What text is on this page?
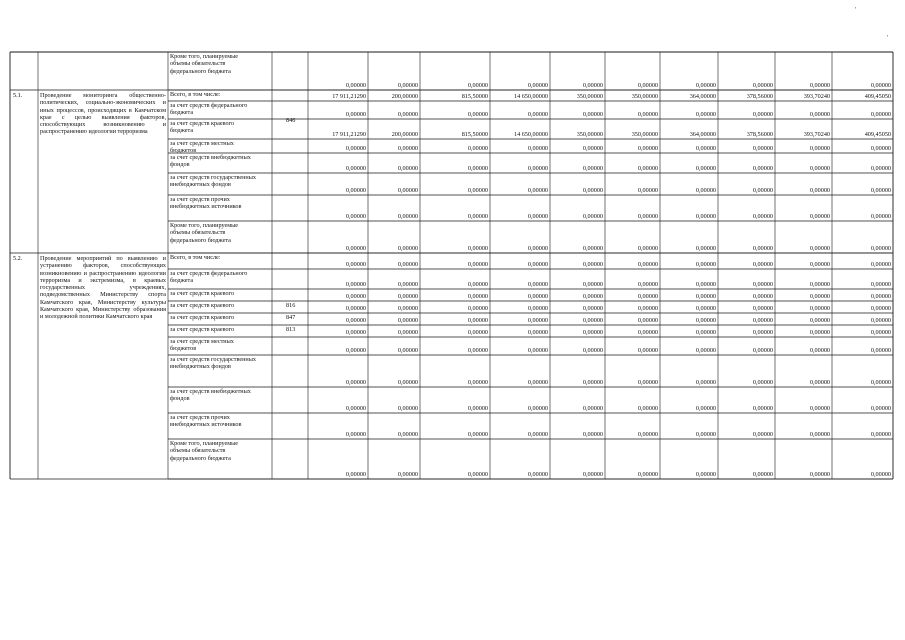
'
'
Кроме того, планируемые
объемы обязательств
федерального бюджета
0,00000	0,00000	0,00000	0,00000	0,00000	0,00000	0,00000	0,00000	0,00000	0,00000
5.1.	Проведение мониторинга общественно-политических, социально-экономических и иных процессов, происходящих в Камчатском крае с целью выявления факторов, способствующих возникновению и распространению идеологии терроризма
Всего, в том числе:	17 911,21290	200,00000	815,50000	14 650,00000	350,00000	350,00000	364,00000	378,56000	393,70240	409,45050
за счет средств федерального
бюджета	0,00000	0,00000	0,00000	0,00000	0,00000	0,00000	0,00000	0,00000	0,00000	0,00000
за счет средств краевого
бюджета
846
17 911,21290	200,00000	815,50000	14 650,00000	350,00000	350,00000	364,00000	378,56000	393,70240	409,45050
за счет средств местных
бюджетов	0,00000	0,00000	0,00000	0,00000	0,00000	0,00000	0,00000	0,00000	0,00000	0,00000
за счет средств внебюджетных
фондов	0,00000	0,00000	0,00000	0,00000	0,00000	0,00000	0,00000	0,00000	0,00000	0,00000
за счет средств государственных
внебюджетных фондов
0,00000	0,00000	0,00000	0,00000	0,00000	0,00000	0,00000	0,00000	0,00000	0,00000
за счет средств прочих
внебюджетных источников
0,00000	0,00000	0,00000	0,00000	0,00000	0,00000	0,00000	0,00000	0,00000	0,00000
Кроме того, планируемые
объемы обязательств
федерального бюджета
0,00000	0,00000	0,00000	0,00000	0,00000	0,00000	0,00000	0,00000	0,00000	0,00000
5.2.	Проведение мероприятий по выявлению и устранению факторов, способствующих возникновению и распространению идеологии терроризма и экстремизма, в краевых государственных учреждениях, подведомственных Министерству спорта Камчатского края, Министерству культуры Камчатского края, Министерству образования и молодежной политики Камчатского края
Всего, в том числе:
0,00000	0,00000	0,00000	0,00000	0,00000	0,00000	0,00000	0,00000	0,00000	0,00000
за счет средств федерального
бюджета	0,00000	0,00000	0,00000	0,00000	0,00000	0,00000	0,00000	0,00000	0,00000	0,00000
за счет средств краевого	0,00000	0,00000	0,00000	0,00000	0,00000	0,00000	0,00000	0,00000	0,00000	0,00000
за счет средств краевого	816	0,00000	0,00000	0,00000	0,00000	0,00000	0,00000	0,00000	0,00000	0,00000	0,00000
за счет средств краевого	847	0,00000	0,00000	0,00000	0,00000	0,00000	0,00000	0,00000	0,00000	0,00000	0,00000
за счет средств краевого	813	0,00000	0,00000	0,00000	0,00000	0,00000	0,00000	0,00000	0,00000	0,00000	0,00000
за счет средств местных
бюджетов	0,00000	0,00000	0,00000	0,00000	0,00000	0,00000	0,00000	0,00000	0,00000	0,00000
за счет средств государственных
внебюджетных фондов
0,00000	0,00000	0,00000	0,00000	0,00000	0,00000	0,00000	0,00000	0,00000	0,00000
за счет средств внебюджетных
фондов
0,00000	0,00000	0,00000	0,00000	0,00000	0,00000	0,00000	0,00000	0,00000	0,00000
за счет средств прочих
внебюджетных источников
0,00000	0,00000	0,00000	0,00000	0,00000	0,00000	0,00000	0,00000	0,00000	0,00000
Кроме того, планируемые
объемы обязательств
федерального бюджета
0,00000	0,00000	0,00000	0,00000	0,00000	0,00000	0,00000	0,00000	0,00000	0,00000
